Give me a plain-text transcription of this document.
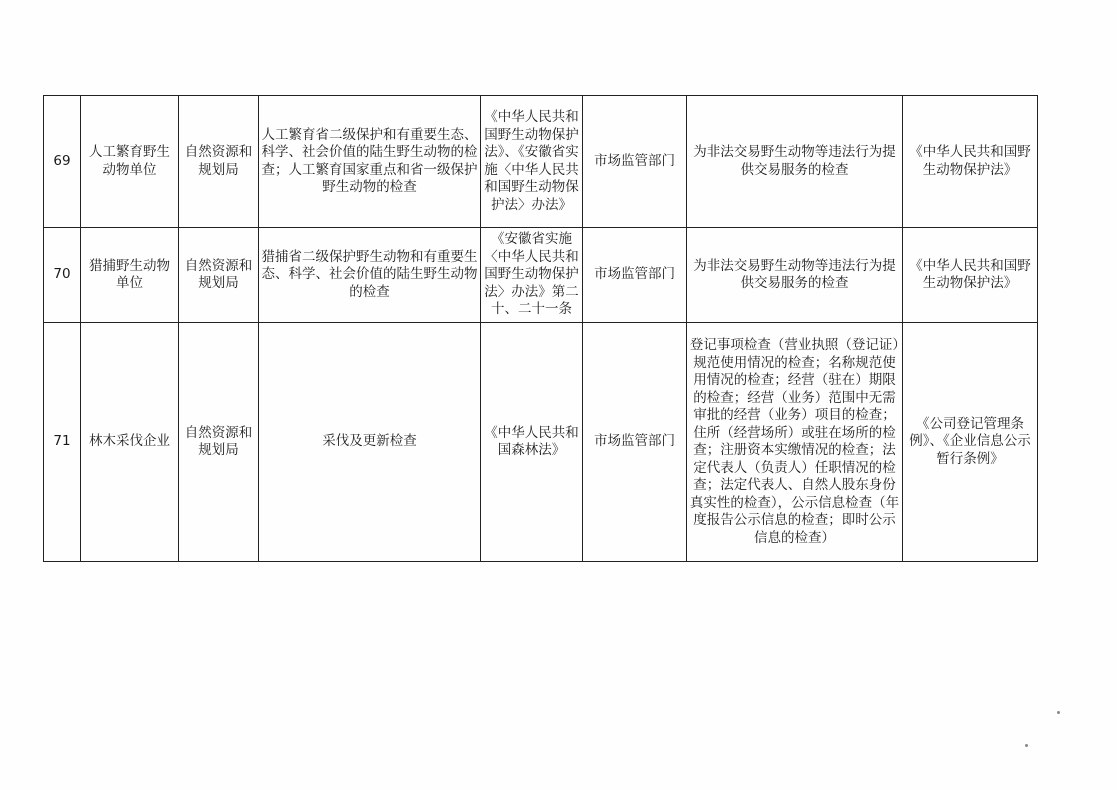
69	人工繁育野生动物单位	自然资源和规划局	人工繁育省二级保护和有重要生态、科学、社会价值的陆生野生动物的检查；人工繁育国家重点和省一级保护野生动物的检查	《中华人民共和国野生动物保护法》、《安徽省实施〈中华人民共和国野生动物保护法〉办法》	市场监管部门	为非法交易野生动物等违法行为提供交易服务的检查	《中华人民共和国野生动物保护法》
70	猎捕野生动物单位	自然资源和规划局	猎捕省二级保护野生动物和有重要生态、科学、社会价值的陆生野生动物的检查	《安徽省实施〈中华人民共和国野生动物保护法〉办法》第二十、二十一条	市场监管部门	为非法交易野生动物等违法行为提供交易服务的检查	《中华人民共和国野生动物保护法》
71	林木采伐企业	自然资源和规划局	采伐及更新检查	《中华人民共和国森林法》	市场监管部门	登记事项检查（营业执照（登记证）规范使用情况的检查；名称规范使用情况的检查；经营（驻在）期限的检查；经营（业务）范围中无需审批的经营（业务）项目的检查；住所（经营场所）或驻在场所的检查；注册资本实缴情况的检查；法定代表人（负责人）任职情况的检查；法定代表人、自然人股东身份真实性的检查），公示信息检查（年度报告公示信息的检查；即时公示信息的检查）	《公司登记管理条例》、《企业信息公示暂行条例》
